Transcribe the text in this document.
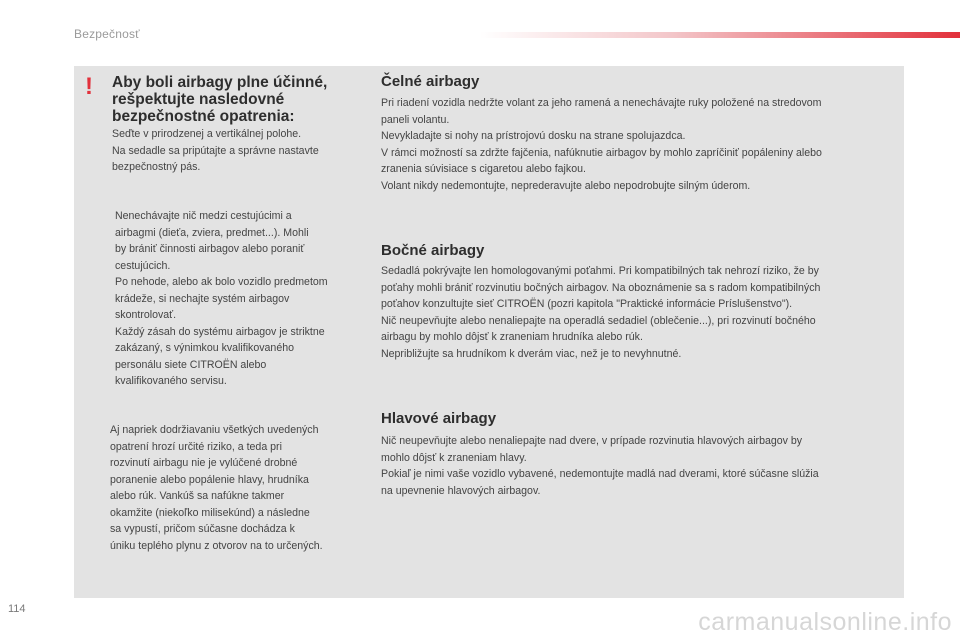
Bezpečnosť
! Aby boli airbagy plne účinné,
rešpektujte nasledovné
bezpečnostné opatrenia:

Seďte v prirodzenej a vertikálnej polohe.
Na sedadle sa pripútajte a správne nastavte
bezpečnostný pás.

Nenechávajte nič medzi cestujúcimi a
airbagmi (dieťa, zviera, predmet...). Mohli
by brániť činnosti airbagov alebo poraniť
cestujúcich.
Po nehode, alebo ak bolo vozidlo predmetom
krádeže, si nechajte systém airbagov
skontrolovať.
Každý zásah do systému airbagov je striktne
zakázaný, s výnimkou kvalifikovaného
personálu siete CITROËN alebo
kvalifikovaného servisu.

Aj napriek dodržiavaniu všetkých uvedených
opatrení hrozí určité riziko, a teda pri
rozvinutí airbagu nie je vylúčené drobné
poranenie alebo popálenie hlavy, hrudníka
alebo rúk. Vankúš sa nafúkne takmer
okamžite (niekoľko milisekúnd) a následne
sa vypustí, pričom súčasne dochádza k
úniku teplého plynu z otvorov na to určených.

Čelné airbagy

Pri riadení vozidla nedržte volant za jeho ramená a nenechávajte ruky položené na stredovom
paneli volantu.
Nevykladajte si nohy na prístrojovú dosku na strane spolujazdca.
V rámci možností sa zdržte fajčenia, nafúknutie airbagov by mohlo zapríčiniť popáleniny alebo
zranenia súvisiace s cigaretou alebo fajkou.
Volant nikdy nedemontujte, neprederavujte alebo nepodrobujte silným úderom.

Bočné airbagy

Sedadlá pokrývajte len homologovanými poťahmi. Pri kompatibilných tak nehrozí riziko, že by
poťahy mohli brániť rozvinutiu bočných airbagov. Na oboznámenie sa s radom kompatibilných
poťahov konzultujte sieť CITROËN (pozri kapitola "Praktické informácie Príslušenstvo").
Nič neupevňujte alebo nenaliepajte na operadlá sedadiel (oblečenie...), pri rozvinutí bočného
airbagu by mohlo dôjsť k zraneniam hrudníka alebo rúk.
Nepribližujte sa hrudníkom k dverám viac, než je to nevyhnutné.

Hlavové airbagy

Nič neupevňujte alebo nenaliepajte nad dvere, v prípade rozvinutia hlavových airbagov by
mohlo dôjsť k zraneniam hlavy.
Pokiaľ je nimi vaše vozidlo vybavené, nedemontujte madlá nad dverami, ktoré súčasne slúžia
na upevnenie hlavových airbagov.

114	carmanualsonline.info
